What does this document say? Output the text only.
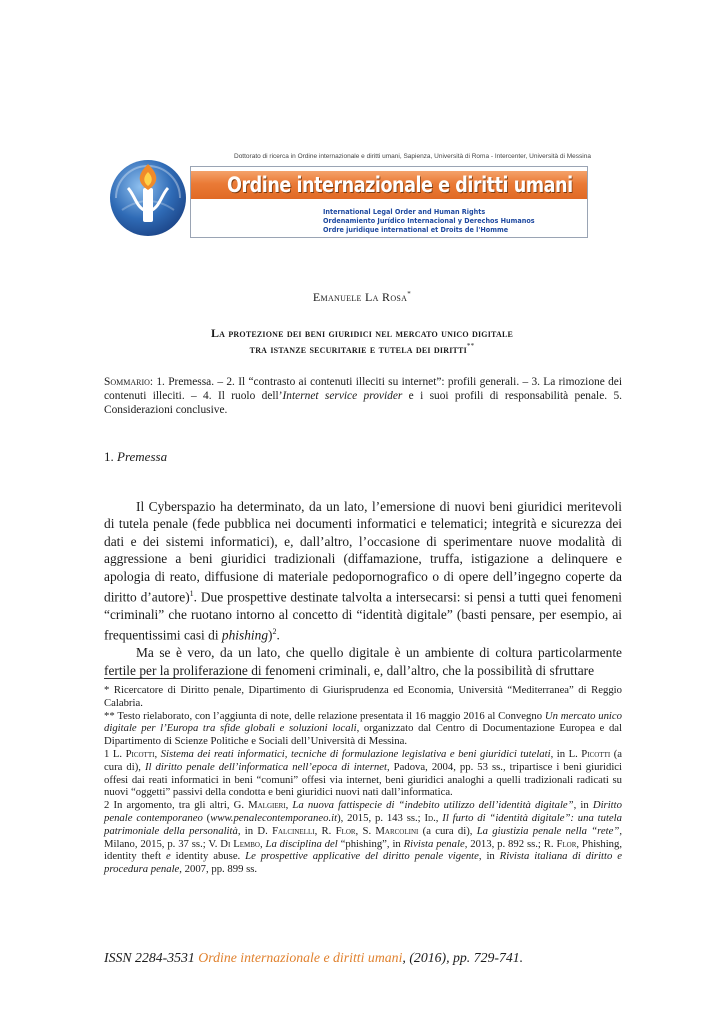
Dottorato di ricerca in Ordine internazionale e diritti umani, Sapienza, Università di Roma - Intercenter, Università di Messina
Ordine internazionale e diritti umani
International Legal Order and Human Rights
Ordenamiento Jurídico Internacional y Derechos Humanos
Ordre juridique international et Droits de l'Homme
Emanuele La Rosa*
La protezione dei beni giuridici nel mercato unico digitale
tra istanze securitarie e tutela dei diritti**
Sommario: 1. Premessa. – 2. Il “contrasto ai contenuti illeciti su internet”: profili generali. – 3. La rimozione dei contenuti illeciti. – 4. Il ruolo dell’Internet service provider e i suoi profili di responsabilità penale. 5. Considerazioni conclusive.
1. Premessa

Il Cyberspazio ha determinato, da un lato, l’emersione di nuovi beni giuridici meritevoli di tutela penale (fede pubblica nei documenti informatici e telematici; integrità e sicurezza dei dati e dei sistemi informatici), e, dall’altro, l’occasione di sperimentare nuove modalità di aggressione a beni giuridici tradizionali (diffamazione, truffa, istigazione a delinquere e apologia di reato, diffusione di materiale pedopornografico o di opere dell’ingegno coperte da diritto d’autore)$^1$. Due prospettive destinate talvolta a intersecarsi: si pensi a tutti quei fenomeni “criminali” che ruotano intorno al concetto di “identità digitale” (basti pensare, per esempio, ai frequentissimi casi di phishing)$^2$.

Ma se è vero, da un lato, che quello digitale è un ambiente di coltura particolarmente fertile per la proliferazione di fenomeni criminali, e, dall’altro, che la possibilità di sfruttare

* Ricercatore di Diritto penale, Dipartimento di Giurisprudenza ed Economia, Università “Mediterranea” di Reggio Calabria.

** Testo rielaborato, con l’aggiunta di note, delle relazione presentata il 16 maggio 2016 al Convegno Un mercato unico digitale per l’Europa tra sfide globali e soluzioni locali, organizzato dal Centro di Documentazione Europea e dal Dipartimento di Scienze Politiche e Sociali dell’Università di Messina.

1 L. Picotti, Sistema dei reati informatici, tecniche di formulazione legislativa e beni giuridici tutelati, in L. Picotti (a cura di), Il diritto penale dell’informatica nell’epoca di internet, Padova, 2004, pp. 53 ss., tripartisce i beni giuridici offesi dai reati informatici in beni “comuni” offesi via internet, beni giuridici analoghi a quelli tradizionali radicati su nuovi “oggetti” passivi della condotta e beni giuridici nuovi nati dall’informatica.

2 In argomento, tra gli altri, G. Malgieri, La nuova fattispecie di “indebito utilizzo dell’identità digitale”, in Diritto penale contemporaneo (www.penalecontemporaneo.it), 2015, p. 143 ss.; Id., Il furto di “identità digitale”: una tutela patrimoniale della personalità, in D. Falcinelli, R. Flor, S. Marcolini (a cura di), La giustizia penale nella “rete”, Milano, 2015, p. 37 ss.; V. Di Lembo, La disciplina del “phishing”, in Rivista penale, 2013, p. 892 ss.; R. Flor, Phishing, identity theft e identity abuse. Le prospettive applicative del diritto penale vigente, in Rivista italiana di diritto e procedura penale, 2007, pp. 899 ss.

ISSN 2284-3531 Ordine internazionale e diritti umani, (2016), pp. 729-741.
